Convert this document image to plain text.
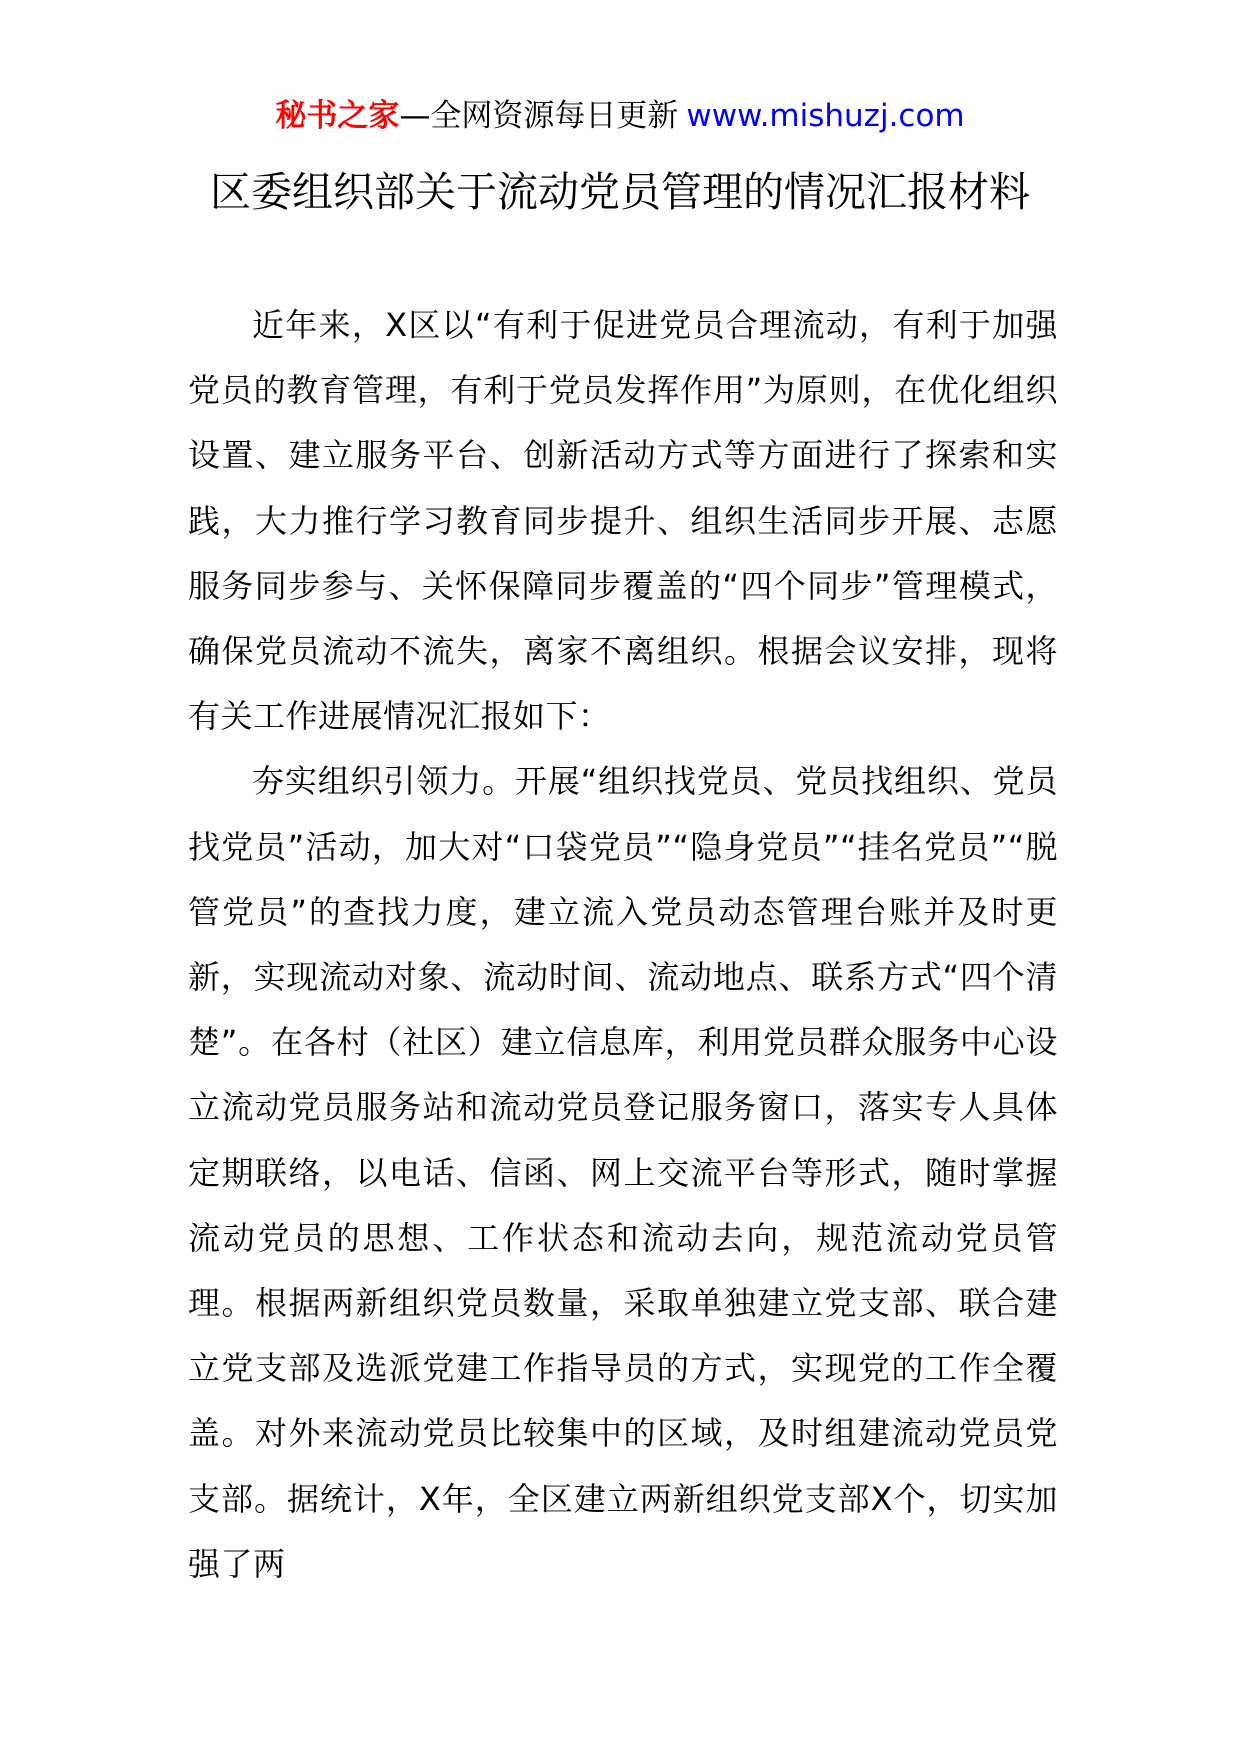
秘书之家—全网资源每日更新 www.mishuzj.com
区委组织部关于流动党员管理的情况汇报材料

近年来，X区以“有利于促进党员合理流动，有利于加强党员的教育管理，有利于党员发挥作用”为原则，在优化组织设置、建立服务平台、创新活动方式等方面进行了探索和实践，大力推行学习教育同步提升、组织生活同步开展、志愿服务同步参与、关怀保障同步覆盖的“四个同步”管理模式，确保党员流动不流失，离家不离组织。根据会议安排，现将有关工作进展情况汇报如下：

夯实组织引领力。开展“组织找党员、党员找组织、党员找党员”活动，加大对“口袋党员”“隐身党员”“挂名党员”“脱管党员”的查找力度，建立流入党员动态管理台账并及时更新，实现流动对象、流动时间、流动地点、联系方式“四个清楚”。在各村（社区）建立信息库，利用党员群众服务中心设立流动党员服务站和流动党员登记服务窗口，落实专人具体定期联络，以电话、信函、网上交流平台等形式，随时掌握流动党员的思想、工作状态和流动去向，规范流动党员管理。根据两新组织党员数量，采取单独建立党支部、联合建立党支部及选派党建工作指导员的方式，实现党的工作全覆盖。对外来流动党员比较集中的区域，及时组建流动党员党支部。据统计，X年，全区建立两新组织党支部X个，切实加强了两
